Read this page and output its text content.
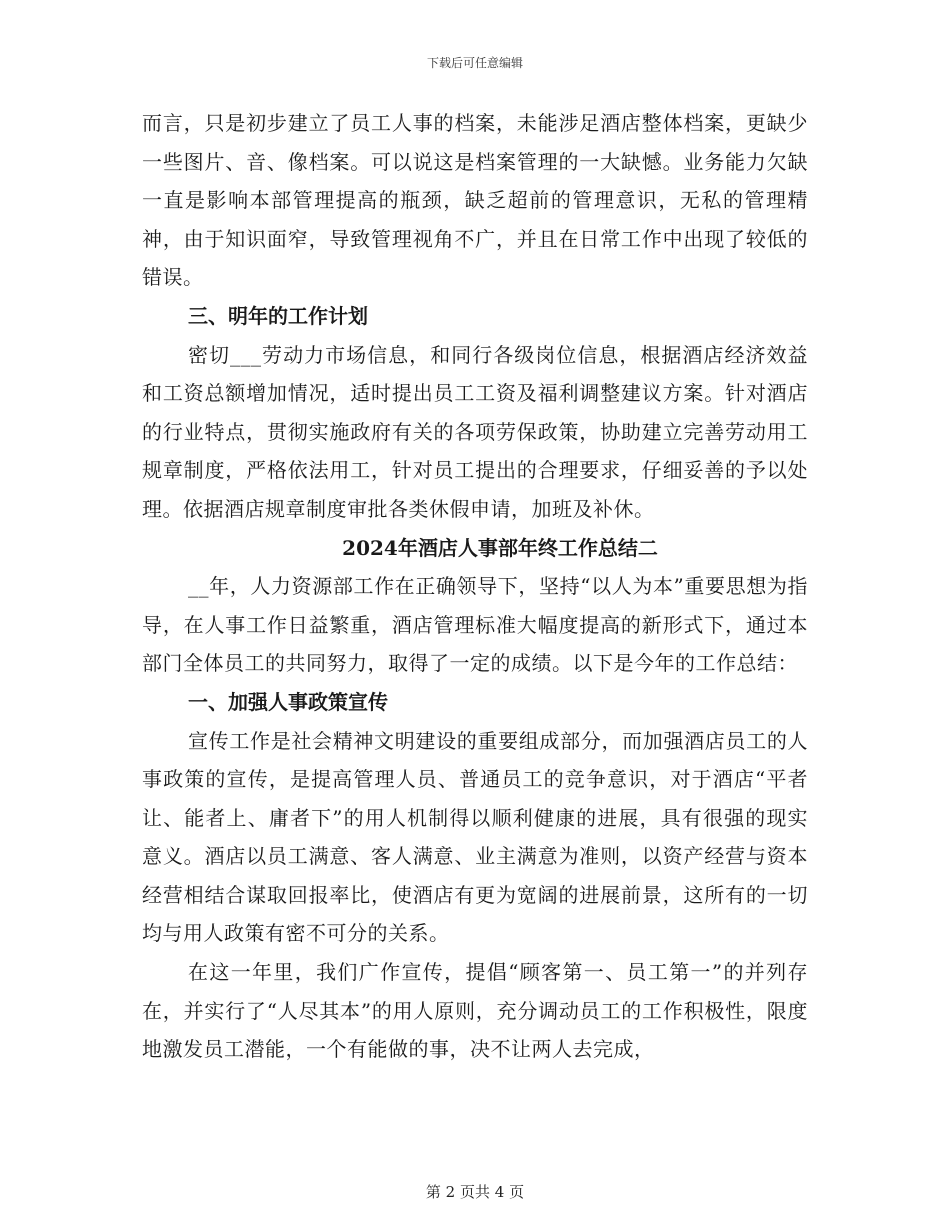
下载后可任意编辑

而言，只是初步建立了员工人事的档案，未能涉足酒店整体档案，更缺少一些图片、音、像档案。可以说这是档案管理的一大缺憾。业务能力欠缺一直是影响本部管理提高的瓶颈，缺乏超前的管理意识，无私的管理精神，由于知识面窄，导致管理视角不广，并且在日常工作中出现了较低的错误。

三、明年的工作计划

密切___劳动力市场信息，和同行各级岗位信息，根据酒店经济效益和工资总额增加情况，适时提出员工工资及福利调整建议方案。针对酒店的行业特点，贯彻实施政府有关的各项劳保政策，协助建立完善劳动用工规章制度，严格依法用工，针对员工提出的合理要求，仔细妥善的予以处理。依据酒店规章制度审批各类休假申请，加班及补休。

2024年酒店人事部年终工作总结二

__年，人力资源部工作在正确领导下，坚持“以人为本”重要思想为指导，在人事工作日益繁重，酒店管理标准大幅度提高的新形式下，通过本部门全体员工的共同努力，取得了一定的成绩。以下是今年的工作总结：

一、加强人事政策宣传

宣传工作是社会精神文明建设的重要组成部分，而加强酒店员工的人事政策的宣传，是提高管理人员、普通员工的竞争意识，对于酒店“平者让、能者上、庸者下”的用人机制得以顺利健康的进展，具有很强的现实意义。酒店以员工满意、客人满意、业主满意为准则，以资产经营与资本经营相结合谋取回报率比，使酒店有更为宽阔的进展前景，这所有的一切均与用人政策有密不可分的关系。

在这一年里，我们广作宣传，提倡“顾客第一、员工第一”的并列存在，并实行了“人尽其本”的用人原则，充分调动员工的工作积极性，限度地激发员工潜能，一个有能做的事，决不让两人去完成，

第 2 页共 4 页
